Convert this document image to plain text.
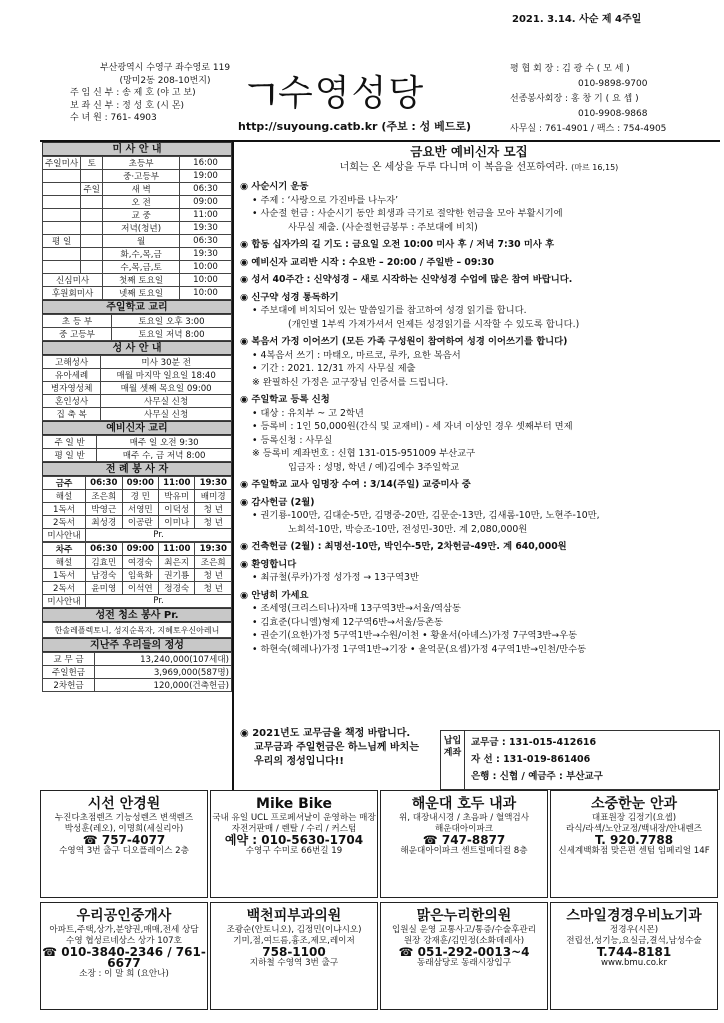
2021. 3.14. 사순 제 4주일
부산광역시 수영구 좌수영로 119
(망미2동 208-10번지)
주 임 신 부 : 송 제 호 (야 고 보)
보 좌 신 부 : 정 성 호 (시 몬)
수 녀 원 : 761- 4903	ㄱ
수영성당
http://suyoung.catb.kr (주보 : 성 베드로)
평 협 회 장 : 김 광 수 ( 모 세 )
010-9898-9700
선종봉사회장 : 홍 창 기 ( 요 셉 )
010-9908-9868
사무실 : 761-4901 / 팩스 : 754-4905
미 사 안 내
주일미사	토	초등부	16:00
		중·고등부	19:00
	주일	새 벽	06:30
		오 전	09:00
		교 중	11:00
		저녁(청년)	19:30
평 일		월	06:30
		화,수,목,금	19:30
		수,목,금,토	10:00
신심미사		첫째 토요일	10:00
후원회미사		넷째 토요일	10:00
주일학교 교리
초 등 부	토요일 오후 3:00
중 고등부	토요일 저녁 8:00
성 사 안 내
고해성사	미사 30분 전
유아세례	매월 마지막 일요일 18:40
병자영성체	매월 셋째 목요일 09:00
혼인성사	사무실 신청
집 축 복	사무실 신청
예비신자 교리
주 일 반	매주 일 오전 9:30
평 일 반	매주 수, 금 저녁 8:00
전 례 봉 사 자
금주	06:30	09:00	11:00	19:30
해설	조은희	경 민	박유미	배미경
1독서	박영근	서영민	이덕성	청 년
2독서	최성경	이공란	이미나	청 년
미사안내	Pr.			
차주	06:30	09:00	11:00	19:30
해설	김효민	여경숙	최은지	조은희
1독서	남경숙	임육화	권기룡	청 년
2독서	윤미영	이석연	정경숙	청 년
미사안내	Pr.			
성전 청소 봉사 Pr.
한솔레플렉토니, 성지순목자, 지혜토우신아레니
지난주 우리들의 정성
교 무 금	13,240,000(107세대)
주일헌금	3,969,000(587명)
2차헌금	120,000(건축헌금)
금요반 예비신자 모집
너희는 온 세상을 두루 다니며 이 복음을 선포하여라. (마르 16,15)
◉ 사순시기 운동
• 주제 : ‘사랑으로 가진바를 나누자’
• 사순절 헌금 : 사순시기 동안 희생과 극기로 절약한 헌금을 모아 부활시기에
사무실 제출. (사순절헌금봉투 : 주보대에 비치)
◉ 합동 십자가의 길 기도 : 금요일 오전 10:00 미사 후 / 저녁 7:30 미사 후
◉ 예비신자 교리반 시작 : 수요반 – 20:00 / 주일반 – 09:30
◉ 성서 40주간 : 신약성경 – 새로 시작하는 신약성경 수업에 많은 참여 바랍니다.
◉ 신구약 성경 통독하기
• 주보대에 비치되어 있는 말씀일기를 참고하여 성경 읽기를 합니다.
(개인별 1부씩 가져가셔서 언제든 성경읽기를 시작할 수 있도록 합니다.)
◉ 복음서 가정 이어쓰기 (모든 가족 구성원이 참여하여 성경 이어쓰기를 합니다)
• 4복음서 쓰기 : 마태오, 마르코, 루카, 요한 복음서
• 기간 : 2021. 12/31 까지 사무실 제출
※ 완필하신 가정은 교구장님 인증서를 드립니다.
◉ 주일학교 등록 신청
• 대상 : 유치부 ~ 고 2학년
• 등록비 : 1인 50,000원(간식 및 교재비) - 세 자녀 이상인 경우 셋째부터 면제
• 등록신청 : 사무실
※ 등록비 계좌번호 : 신협 131-015-951009 부산교구
입금자 : 성명, 학년 / 예)김예수 3주일학교
◉ 주일학교 교사 임명장 수여 : 3/14(주일) 교중미사 중
◉ 감사헌금 (2월)
• 권기룡-100만, 김대순-5만, 김명중-20만, 김문순-13만, 김새롬-10만, 노현주-10만,
노희석-10만, 박승조-10만, 전성민-30만. 계 2,080,000원
◉ 건축헌금 (2월) : 최명선-10만, 박인수-5만, 2차헌금-49만. 계 640,000원
◉ 환영합니다
• 최규철(루카)가정 성가정 → 13구역3반
◉ 안녕히 가세요
• 조세영(크리스티나)자매 13구역3반→서울/역삼동
• 김효준(다니엘)형제 12구역6반→서울/등촌동
• 권순기(요한)가정 5구역1반→수원/이천 • 황윤서(아녜스)가정 7구역3반→우동
• 하현숙(헤레나)가정 1구역1반→기장 • 윤억문(요셉)가정 4구역1반→인천/만수동
◉ 2021년도 교무금을 책정 바랍니다.
교무금과 주일헌금은 하느님께 바치는
우리의 정성입니다!!
납입계좌
교무금 : 131-015-412616
자 선 : 131-019-861406
은행 : 신협 / 예금주 : 부산교구
시선 안경원
누진다초점렌즈 기능성렌즈 변색렌즈
박성훈(레오), 이명희(세실리아)
☎ 757-4077
수영역 3번 출구 디오플레이스 2층
Mike Bike
국내 유일 UCL 프로페셔날이 운영하는 매장
자전거판매 / 렌탈 / 수리 / 커스텀
예약 : 010-5630-1704
수영구 수미로 66번길 19
해운대 호두 내과
위, 대장내시경 / 초음파 / 혈액검사
해운대아이파크
☎ 747-8877
해운대아이파크 센트럴메디컬 8층
소중한눈 안과
대표원장 김정기(요셉)
라식/라섹/노안교정/백내장/안내렌즈
T. 920.7788
신세계백화점 맞은편 센텀 임페리얼 14F
우리공인중개사
아파트,주택,상가,분양권,매매,전세 상담
수영 협성르네상스 상가 107호
☎ 010-3840-2346 / 761-6677
소장 : 이 말 희 (요안나)
백천피부과의원
조광순(안토니오), 김정민(이냐시오)
기미,점,여드름,흉조,제모,레이저
758-1100
지하철 수영역 3번 출구
맑은누리한의원
입원실 운영 교통사고/통증/수술후관리
원장 강재훈/김민정(소화데레사)
☎ 051-292-0013~4
동래삼당로 동래시장입구
스마일경경우비뇨기과
정경우(시몬)
전립선,성기능,요실금,결석,남성수술
T.744-8181
www.bmu.co.kr
